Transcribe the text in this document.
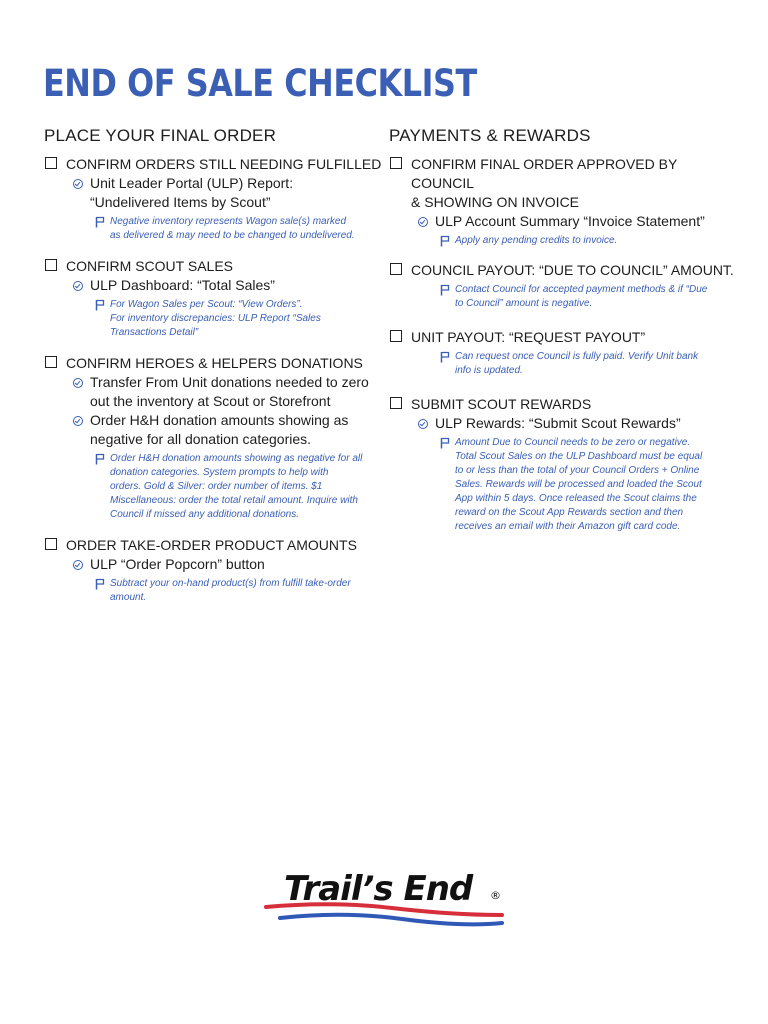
END OF SALE CHECKLIST
PLACE YOUR FINAL ORDER
CONFIRM ORDERS STILL NEEDING FULFILLED
Unit Leader Portal (ULP) Report:
“Undelivered Items by Scout”
Negative inventory represents Wagon sale(s) marked
as delivered & may need to be changed to undelivered.
CONFIRM SCOUT SALES
ULP Dashboard: “Total Sales”
For Wagon Sales per Scout: “View Orders”.
For inventory discrepancies: ULP Report “Sales
Transactions Detail”
CONFIRM HEROES & HELPERS DONATIONS
Transfer From Unit donations needed to zero
out the inventory at Scout or Storefront
Order H&H donation amounts showing as
negative for all donation categories.
Order H&H donation amounts showing as negative for all
donation categories. System prompts to help with
orders. Gold & Silver: order number of items. $1
Miscellaneous: order the total retail amount. Inquire with
Council if missed any additional donations.
ORDER TAKE-ORDER PRODUCT AMOUNTS
ULP “Order Popcorn” button
Subtract your on-hand product(s) from fulfill take-order
amount.
PAYMENTS & REWARDS
CONFIRM FINAL ORDER APPROVED BY COUNCIL
& SHOWING ON INVOICE
ULP Account Summary “Invoice Statement”
Apply any pending credits to invoice.
COUNCIL PAYOUT: “DUE TO COUNCIL” AMOUNT.
Contact Council for accepted payment methods & if “Due
to Council” amount is negative.
UNIT PAYOUT: “REQUEST PAYOUT”
Can request once Council is fully paid. Verify Unit bank
info is updated.
SUBMIT SCOUT REWARDS
ULP Rewards: “Submit Scout Rewards”
Amount Due to Council needs to be zero or negative.
Total Scout Sales on the ULP Dashboard must be equal
to or less than the total of your Council Orders + Online
Sales. Rewards will be processed and loaded the Scout
App within 5 days. Once released the Scout claims the
reward on the Scout App Rewards section and then
receives an email with their Amazon gift card code.
Trail’s End ®
